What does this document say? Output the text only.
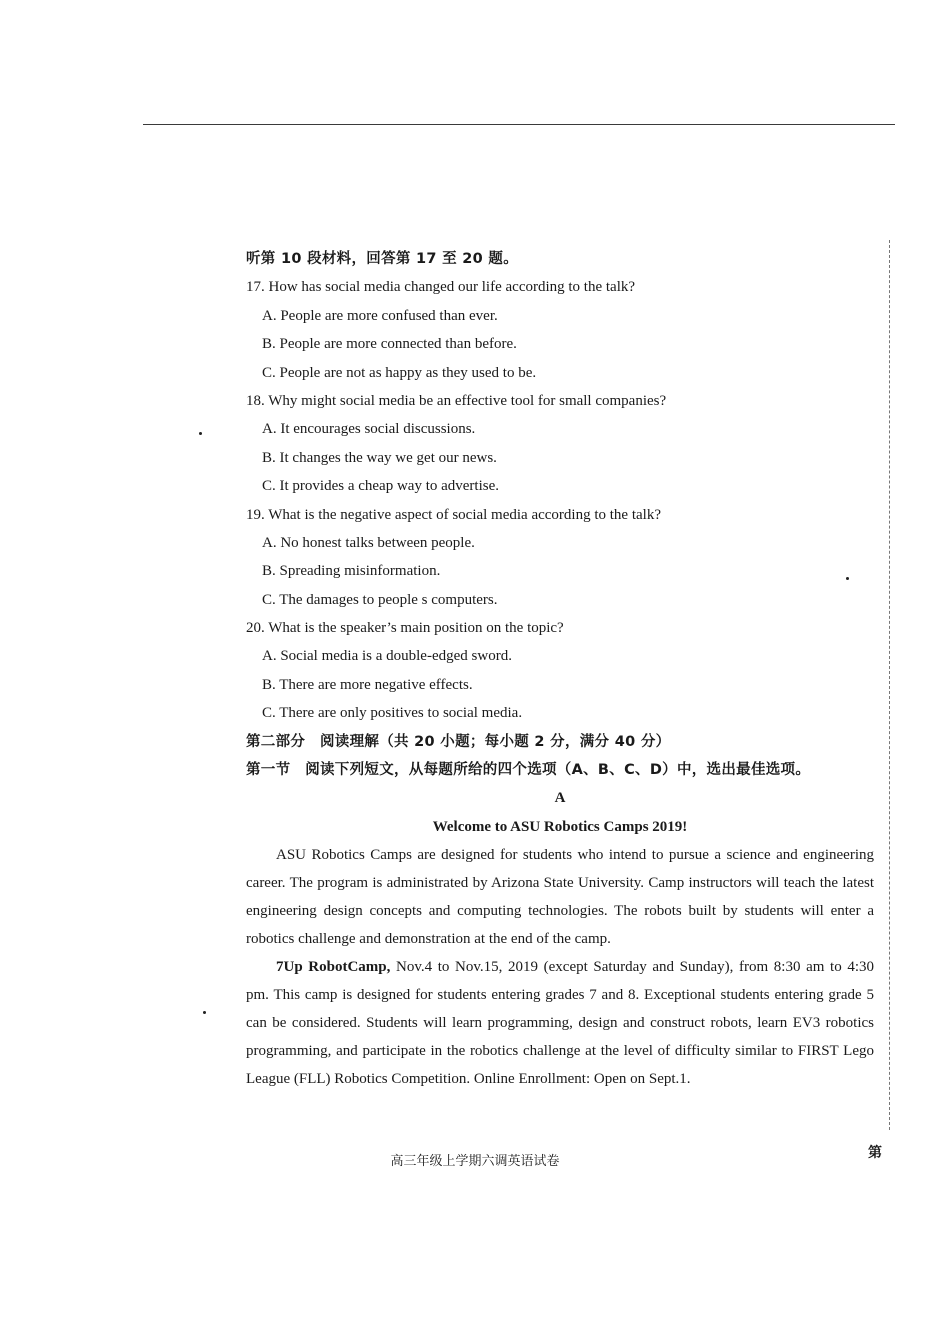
听第 10 段材料，回答第 17 至 20 题。
17. How has social media changed our life according to the talk?
A. People are more confused than ever.
B. People are more connected than before.
C. People are not as happy as they used to be.
18. Why might social media be an effective tool for small companies?
A. It encourages social discussions.
B. It changes the way we get our news.
C. It provides a cheap way to advertise.
19. What is the negative aspect of social media according to the talk?
A. No honest talks between people.
B. Spreading misinformation.
C. The damages to people s computers.
20. What is the speaker’s main position on the topic?
A. Social media is a double-edged sword.
B. There are more negative effects.
C. There are only positives to social media.
第二部分　阅读理解（共 20 小题；每小题 2 分，满分 40 分）
第一节　阅读下列短文，从每题所给的四个选项（A、B、C、D）中，选出最佳选项。
A
Welcome to ASU Robotics Camps 2019!

ASU Robotics Camps are designed for students who intend to pursue a science and engineering career. The program is administrated by Arizona State University. Camp instructors will teach the latest engineering design concepts and computing technologies. The robots built by students will enter a robotics challenge and demonstration at the end of the camp.

7Up RobotCamp, Nov.4 to Nov.15, 2019 (except Saturday and Sunday), from 8:30 am to 4:30 pm. This camp is designed for students entering grades 7 and 8. Exceptional students entering grade 5 can be considered. Students will learn programming, design and construct robots, learn EV3 robotics programming, and participate in the robotics challenge at the level of difficulty similar to FIRST Lego League (FLL) Robotics Competition. Online Enrollment: Open on Sept.1.

高三年级上学期六调英语试卷
第
